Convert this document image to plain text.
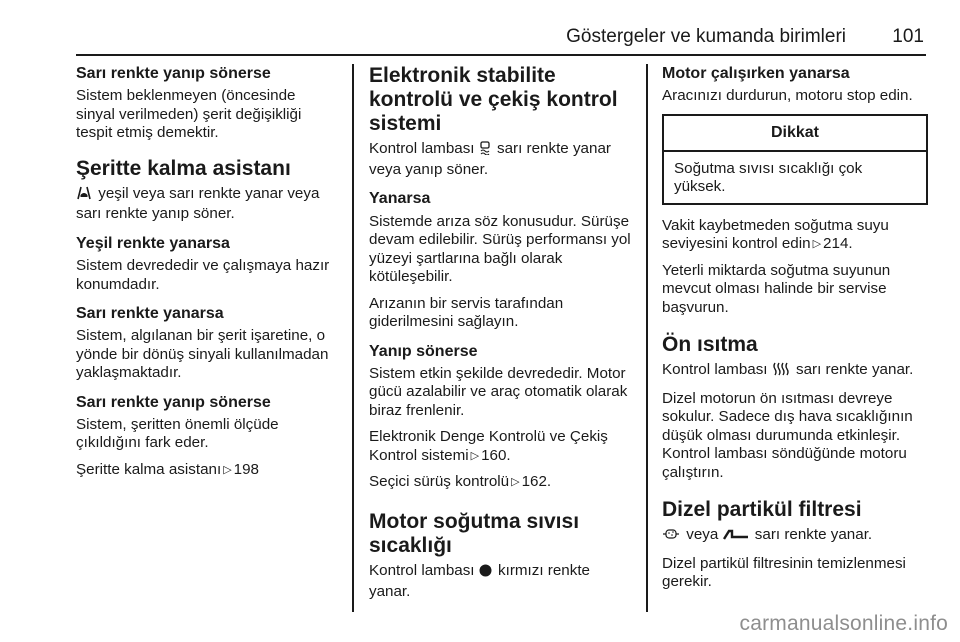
Göstergeler ve kumanda birimleri 101
Sarı renkte yanıp sönerse

Sistem beklenmeyen (öncesinde sinyal verilmeden) şerit değişikliği tespit etmiş demektir.

Şeritte kalma asistanı

yeşil veya sarı renkte yanar veya sarı renkte yanıp söner.

Yeşil renkte yanarsa

Sistem devrededir ve çalışmaya hazır konumdadır.

Sarı renkte yanarsa

Sistem, algılanan bir şerit işaretine, o yönde bir dönüş sinyali kullanılmadan yaklaşmaktadır.

Sarı renkte yanıp sönerse

Sistem, şeritten önemli ölçüde çıkıldığını fark eder.

Şeritte kalma asistanı ▷ 198

Elektronik stabilite kontrolü ve çekiş kontrol sistemi

Kontrol lambası sarı renkte yanar veya yanıp söner.

Yanarsa

Sistemde arıza söz konusudur. Sürüşe devam edilebilir. Sürüş performansı yol yüzeyi şartlarına bağlı olarak kötüleşebilir.

Arızanın bir servis tarafından giderilmesini sağlayın.

Yanıp sönerse

Sistem etkin şekilde devrededir. Motor gücü azalabilir ve araç otomatik olarak biraz frenlenir.

Elektronik Denge Kontrolü ve Çekiş Kontrol sistemi ▷ 160.

Seçici sürüş kontrolü ▷ 162.

Motor soğutma sıvısı sıcaklığı

Kontrol lambası kırmızı renkte yanar.

Motor çalışırken yanarsa

Aracınızı durdurun, motoru stop edin.

Dikkat
Soğutma sıvısı sıcaklığı çok yüksek.

Vakit kaybetmeden soğutma suyu seviyesini kontrol edin ▷ 214.

Yeterli miktarda soğutma suyunun mevcut olması halinde bir servise başvurun.

Ön ısıtma

Kontrol lambası sarı renkte yanar.

Dizel motorun ön ısıtması devreye sokulur. Sadece dış hava sıcaklığının düşük olması durumunda etkinleşir. Kontrol lambası söndüğünde motoru çalıştırın.

Dizel partikül filtresi

veya sarı renkte yanar.

Dizel partikül filtresinin temizlenmesi gerekir.

carmanualsonline.info
